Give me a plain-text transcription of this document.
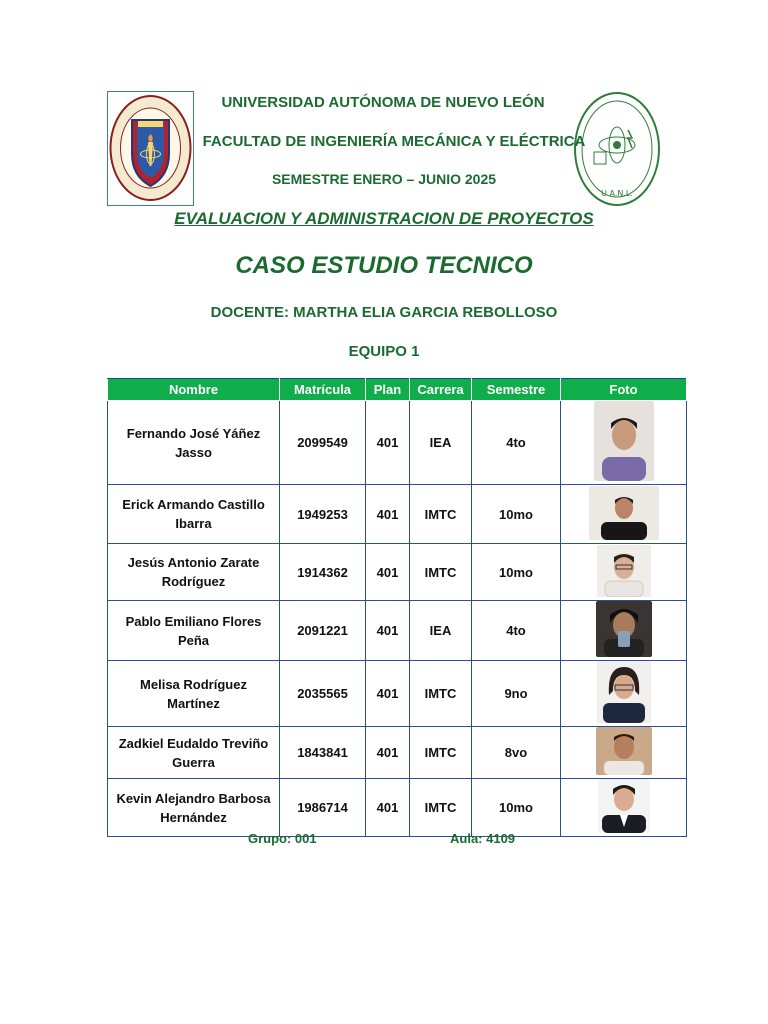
U.A.N.L.
UNIVERSIDAD AUTÓNOMA DE NUEVO LEÓN
FACULTAD DE INGENIERÍA MECÁNICA Y ELÉCTRICA
SEMESTRE ENERO – JUNIO 2025
EVALUACION Y ADMINISTRACION DE PROYECTOS
CASO ESTUDIO TECNICO
DOCENTE: MARTHA ELIA GARCIA REBOLLOSO
EQUIPO 1
Nombre	Matrícula	Plan	Carrera	Semestre	Foto
Fernando José Yáñez Jasso	2099549	401	IEA	4to	
Erick Armando Castillo Ibarra	1949253	401	IMTC	10mo	
Jesús Antonio Zarate Rodríguez	1914362	401	IMTC	10mo	
Pablo Emiliano Flores Peña	2091221	401	IEA	4to	
Melisa Rodríguez Martínez	2035565	401	IMTC	9no	
Zadkiel Eudaldo Treviño Guerra	1843841	401	IMTC	8vo	
Kevin Alejandro Barbosa Hernández	1986714	401	IMTC	10mo	
Grupo: 001	Aula: 4109
